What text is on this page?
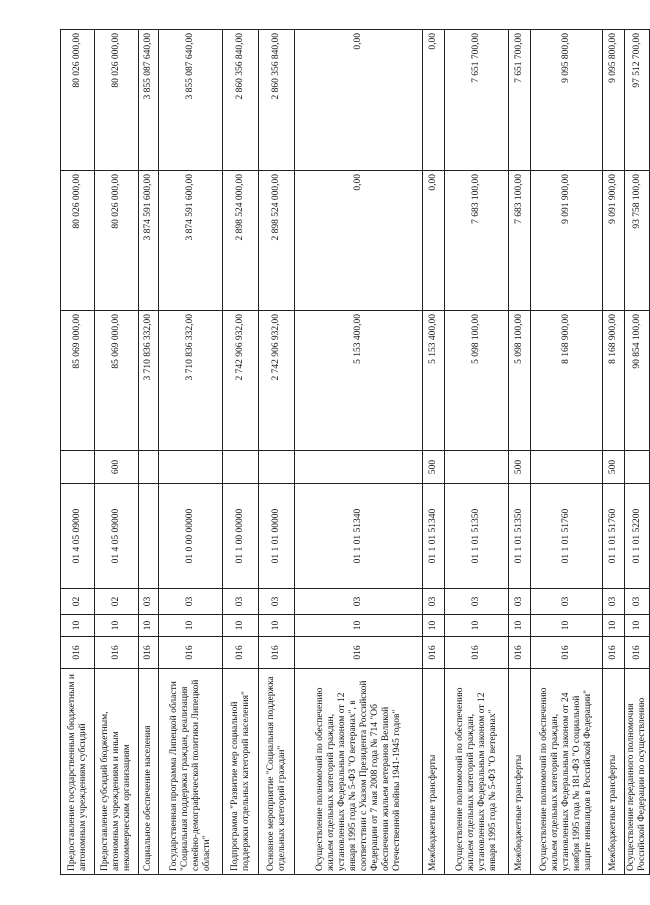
Предоставление государственным бюджетным и автономным учреждениям субсидий	016	10	02	01 4 05 09000		85 069 000,00	80 026 000,00	80 026 000,00
Предоставление субсидий бюджетным, автономным учреждениям и иным некоммерческим организациям	016	10	02	01 4 05 09000	600	85 069 000,00	80 026 000,00	80 026 000,00
Социальное обеспечение населения	016	10	03			3 710 836 332,00	3 874 591 600,00	3 855 087 640,00
Государственная программа Липецкой области "Социальная поддержка граждан, реализация семейно-демографической политики Липецкой области"	016	10	03	01 0 00 00000		3 710 836 332,00	3 874 591 600,00	3 855 087 640,00
Подпрограмма "Развитие мер социальной поддержки отдельных категорий населения"	016	10	03	01 1 00 00000		2 742 906 932,00	2 898 524 000,00	2 860 356 840,00
Основное мероприятие "Социальная поддержка отдельных категорий граждан"	016	10	03	01 1 01 00000		2 742 906 932,00	2 898 524 000,00	2 860 356 840,00
Осуществление полномочий по обеспечению жильем отдельных категорий граждан, установленных Федеральным законом от 12 января 1995 года № 5-ФЗ "О ветеранах", в соответствии с Указом Президента Российской Федерации от 7 мая 2008 года № 714 "Об обеспечении жильем ветеранов Великой Отечественной войны 1941-1945 годов"	016	10	03	01 1 01 51340		5 153 400,00	0,00	0,00
Межбюджетные трансферты	016	10	03	01 1 01 51340	500	5 153 400,00	0,00	0,00
Осуществление полномочий по обеспечению жильем отдельных категорий граждан, установленных Федеральным законом от 12 января 1995 года № 5-ФЗ "О ветеранах"	016	10	03	01 1 01 51350		5 098 100,00	7 683 100,00	7 651 700,00
Межбюджетные трансферты	016	10	03	01 1 01 51350	500	5 098 100,00	7 683 100,00	7 651 700,00
Осуществление полномочий по обеспечению жильем отдельных категорий граждан, установленных Федеральным законом от 24 ноября 1995 года № 181-ФЗ "О социальной защите инвалидов в Российской Федерации"	016	10	03	01 1 01 51760		8 168 900,00	9 091 900,00	9 095 800,00
Межбюджетные трансферты	016	10	03	01 1 01 51760	500	8 168 900,00	9 091 900,00	9 095 800,00
Осуществление переданного полномочия Российской Федерации по осуществлению	016	10	03	01 1 01 52200		90 854 100,00	93 758 100,00	97 512 700,00
